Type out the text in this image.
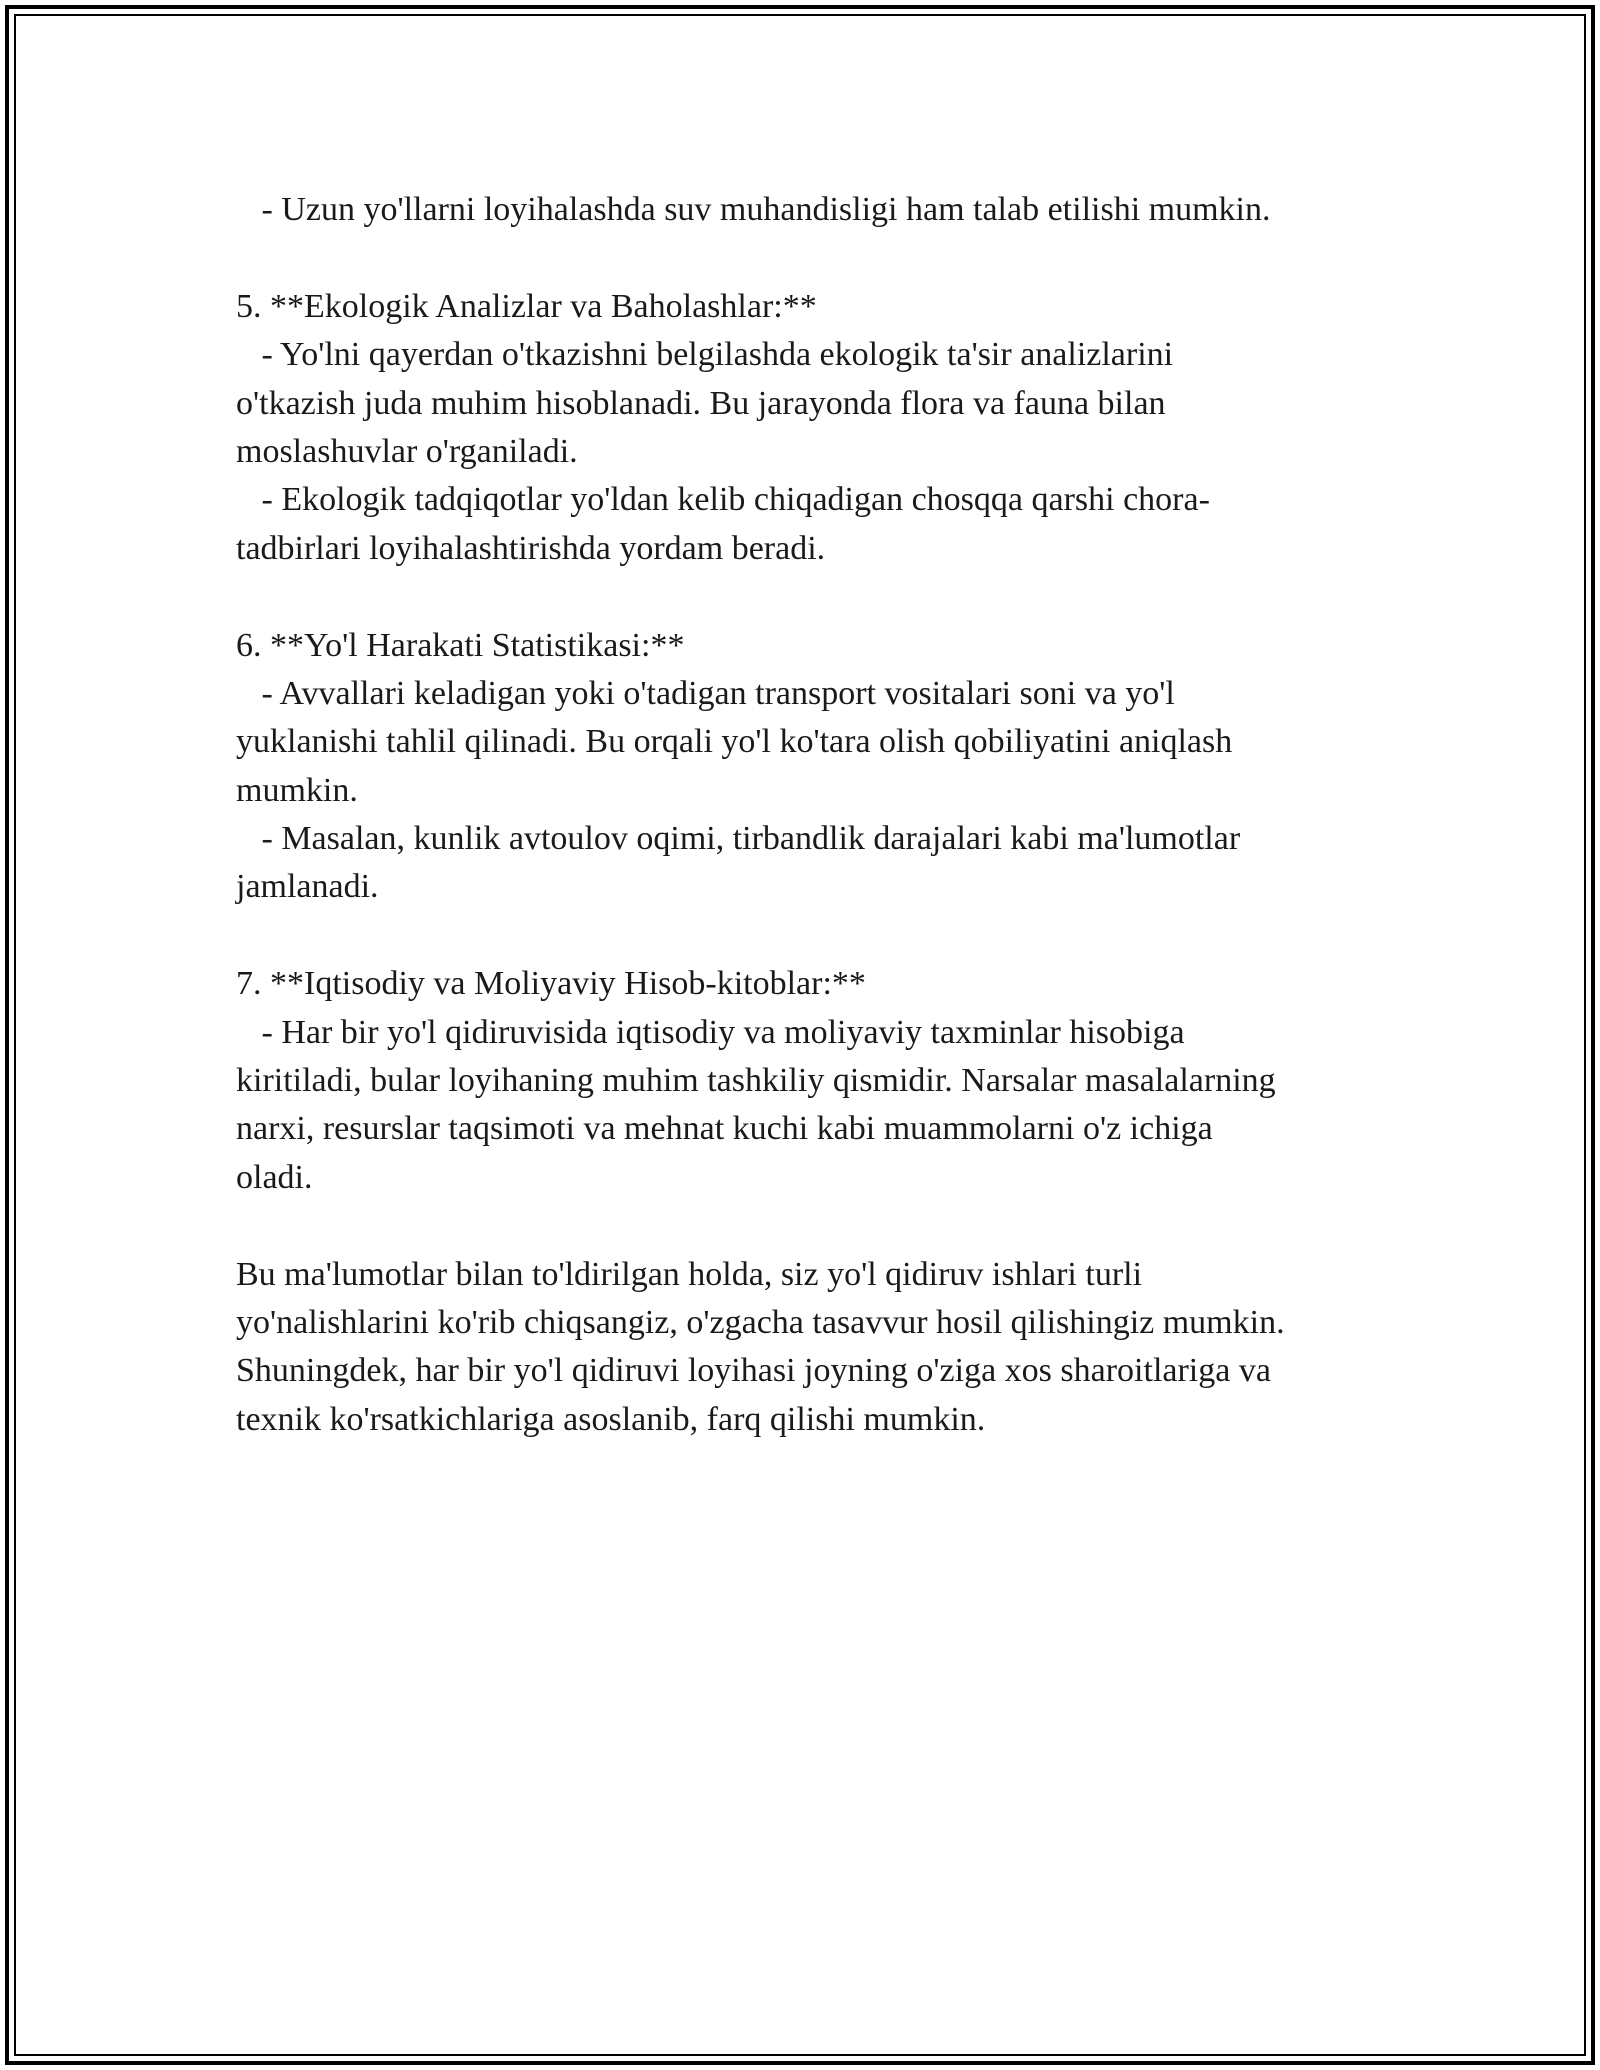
- Uzun yo'llarni loyihalashda suv muhandisligi ham talab etilishi mumkin.

5. **Ekologik Analizlar va Baholashlar:**

- Yo'lni qayerdan o'tkazishni belgilashda ekologik ta'sir analizlarini

o'tkazish juda muhim hisoblanadi. Bu jarayonda flora va fauna bilan

moslashuvlar o'rganiladi.

- Ekologik tadqiqotlar yo'ldan kelib chiqadigan chosqqa qarshi chora-

tadbirlari loyihalashtirishda yordam beradi.

6. **Yo'l Harakati Statistikasi:**

- Avvallari keladigan yoki o'tadigan transport vositalari soni va yo'l

yuklanishi tahlil qilinadi. Bu orqali yo'l ko'tara olish qobiliyatini aniqlash

mumkin.

- Masalan, kunlik avtoulov oqimi, tirbandlik darajalari kabi ma'lumotlar

jamlanadi.

7. **Iqtisodiy va Moliyaviy Hisob-kitoblar:**

- Har bir yo'l qidiruvisida iqtisodiy va moliyaviy taxminlar hisobiga

kiritiladi, bular loyihaning muhim tashkiliy qismidir. Narsalar masalalarning

narxi, resurslar taqsimoti va mehnat kuchi kabi muammolarni o'z ichiga

oladi.

Bu ma'lumotlar bilan to'ldirilgan holda, siz yo'l qidiruv ishlari turli

yo'nalishlarini ko'rib chiqsangiz, o'zgacha tasavvur hosil qilishingiz mumkin.

Shuningdek, har bir yo'l qidiruvi loyihasi joyning o'ziga xos sharoitlariga va

texnik ko'rsatkichlariga asoslanib, farq qilishi mumkin.
